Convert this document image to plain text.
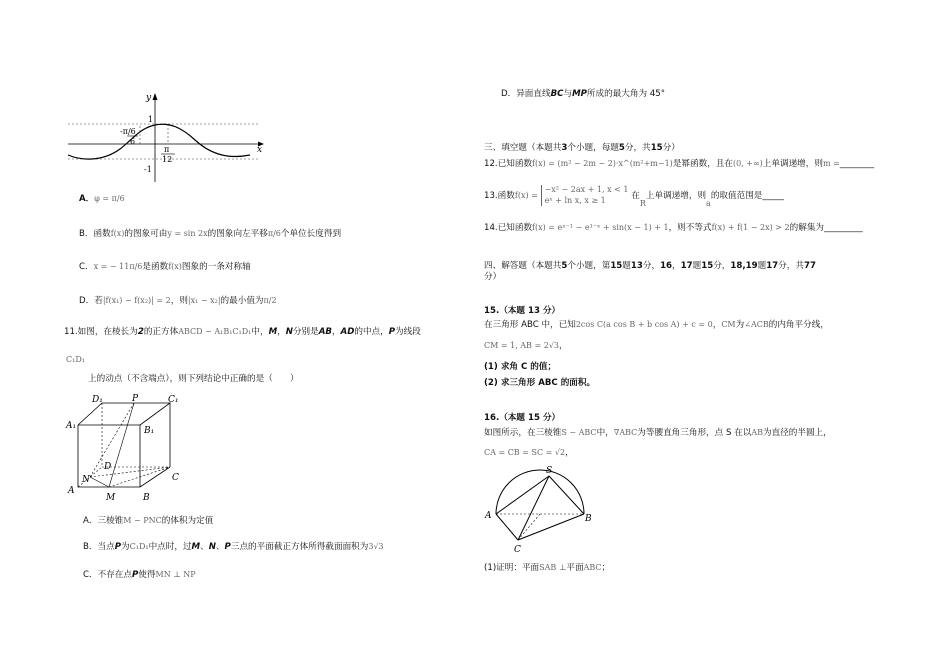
y
x
1
-1
-π/6
6
π
12
A．φ = π/6
B．函数f(x)的图象可由y = sin 2x的图象向左平移π/6个单位长度得到
C．x = − 11π/6是函数f(x)图象的一条对称轴
D．若|f(x₁) − f(x₂)| = 2，则|x₁ − x₂|的最小值为π/2
11.如图，在棱长为2的正方体ABCD − A₁B₁C₁D₁中，M，N分别是AB，AD的中点，P为线段
C₁D₁
上的动点（不含端点），则下列结论中正确的是（　　）
D₁	P	C₁
A₁	B₁
D
C
N
A
M	B
A．三棱锥M − PNC的体积为定值
B．当点P为C₁D₁中点时，过M、N、P三点的平面截正方体所得截面面积为3√3
C．不存在点P使得MN ⊥ NP
D．异面直线BC与MP所成的最大角为 45°
三、填空题（本题共3个小题，每题5分，共15分）
12.已知函数f(x) = (m² − 2m − 2)·x^(m²+m−1)是幂函数，且在(0, +∞)上单调递增，则m =________
13.函数f(x) = −x² − 2ax + 1, x < 1
eˣ + ln x, x ≥ 1	在R上单调递增，则a的取值范围是_____
14.已知函数f(x) = eˣ⁻¹ − e¹⁻ˣ + sin(x − 1) + 1，则不等式f(x) + f(1 − 2x) > 2的解集为_________
四、解答题（本题共5个小题，第15题13分，16，17题15分，18,19题17分，共77
分）
15.（本题 13 分）
在三角形 ABC 中，已知2cos C(a cos B + b cos A) + c = 0，CM为∠ACB的内角平分线，
CM = 1, AB = 2√3，
(1) 求角 C 的值；
(2) 求三角形 ABC 的面积。
16.（本题 15 分）
如图所示，在三棱锥S − ABC中，∇ABC为等腰直角三角形，点 S 在以AB为直径的半圆上，
CA = CB = SC = √2，
S
A	B
C
(1)证明：平面SAB ⊥平面ABC；
